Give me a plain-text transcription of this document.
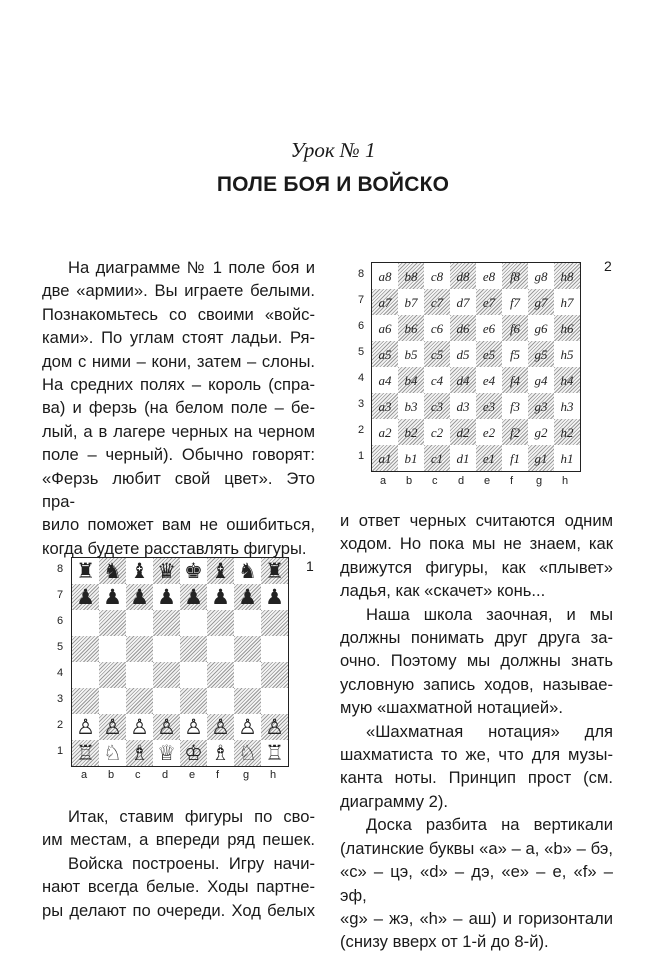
Урок № 1
ПОЛЕ БОЯ И ВОЙСКО

На диаграмме № 1 поле боя и

две «армии». Вы играете белыми.

Познакомьтесь со своими «войс-

ками». По углам стоят ладьи. Ря-

дом с ними – кони, затем – слоны.

На средних полях – король (спра-

ва) и ферзь (на белом поле – бе-

лый, а в лагере черных на черном

поле – черный). Обычно говорят:

«Ферзь любит свой цвет». Это пра-

вило поможет вам не ошибиться,

когда будете расставлять фигуры.

1
♜ ♞ ♝ ♛ ♚ ♝ ♞ ♜
♟ ♟ ♟ ♟ ♟ ♟ ♟ ♟
♙ ♙ ♙ ♙ ♙ ♙ ♙ ♙
♖ ♘ ♗ ♕ ♔ ♗ ♘ ♖
8
7
6
5
4
3
2
1
a b c d e f g h

Итак, ставим фигуры по сво-

им местам, а впереди ряд пешек.

Войска построены. Игру начи-

нают всегда белые. Ходы партне-

ры делают по очереди. Ход белых

2
a8 b8 c8 d8 e8 f8 g8 h8
a7 b7 c7 d7 e7 f7 g7 h7
a6 b6 c6 d6 e6 f6 g6 h6
a5 b5 c5 d5 e5 f5 g5 h5
a4 b4 c4 d4 e4 f4 g4 h4
a3 b3 c3 d3 e3 f3 g3 h3
a2 b2 c2 d2 e2 f2 g2 h2
a1 b1 c1 d1 e1 f1 g1 h1
8
7
6
5
4
3
2
1
a b c d e f g h

и ответ черных считаются одним

ходом. Но пока мы не знаем, как

движутся фигуры, как «плывет»

ладья, как «скачет» конь...

Наша школа заочная, и мы

должны понимать друг друга за-

очно. Поэтому мы должны знать

условную запись ходов, называе-

мую «шахматной нотацией».

«Шахматная нотация» для

шахматиста то же, что для музы-

канта ноты. Принцип прост (см.

диаграмму 2).

Доска разбита на вертикали

(латинские буквы «а» – а, «b» – бэ,

«с» – цэ, «d» – дэ, «е» – е, «f» – эф,

«g» – жэ, «h» – аш) и горизонтали

(снизу вверх от 1-й до 8-й).
